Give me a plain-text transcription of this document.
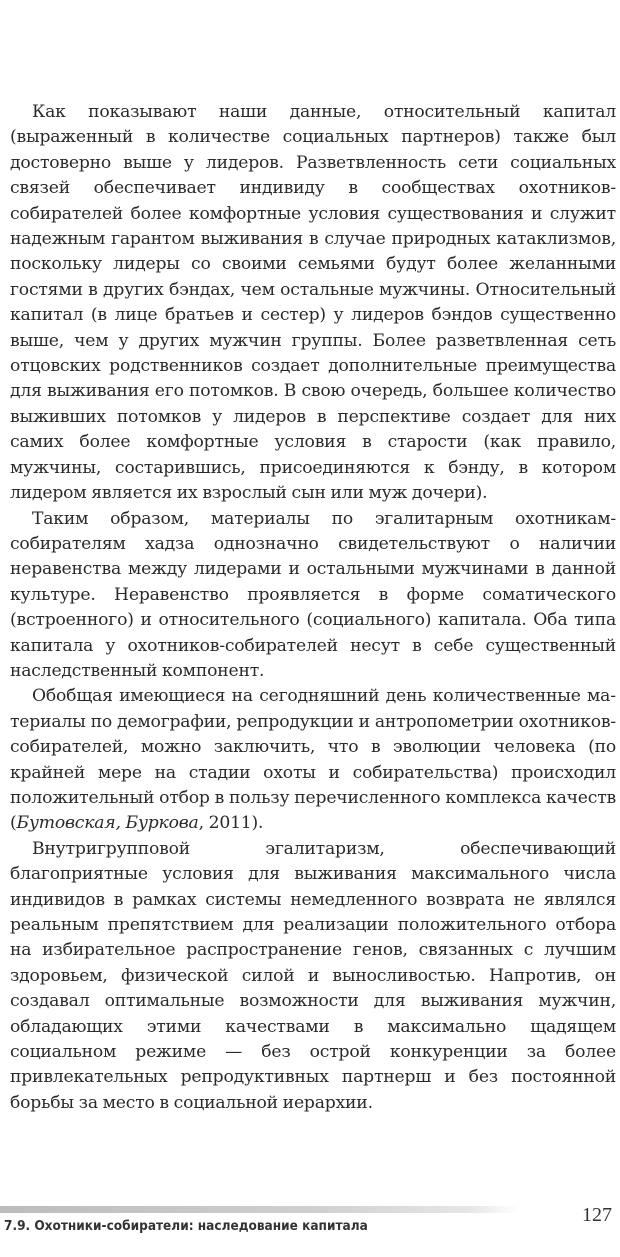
Как показывают наши данные, относительный капитал (выраженный в количестве социальных партнеров) также был достоверно выше у лидеров. Разветвленность сети социальных связей обеспечивает индивиду в сообществах охотников-собирателей более комфортные условия существования и служит надежным гарантом выживания в случае природных катаклизмов, поскольку лидеры со своими семьями будут более желанными гостями в других бэндах, чем остальные мужчины. Относительный капитал (в лице братьев и сестер) у лидеров бэндов существенно выше, чем у других мужчин группы. Более разветвленная сеть отцовских родственников создает дополнительные преимущества для выживания его потомков. В свою очередь, большее количество выживших потомков у лидеров в перспективе создает для них самих более комфортные условия в старости (как правило, мужчины, состарившись, присоединяются к бэнду, в котором лидером является их взрослый сын или муж дочери).

Таким образом, материалы по эгалитарным охотникам-собирателям хадза однозначно свидетельствуют о наличии неравенства между лидерами и остальными мужчинами в данной культуре. Неравенство проявляется в форме соматического (встроенного) и относительного (социального) капитала. Оба типа капитала у охотников-собирателей несут в себе существенный наследственный компонент.

Обобщая имеющиеся на сегодняшний день количественные материалы по демографии, репродукции и антропометрии охотников-собирателей, можно заключить, что в эволюции человека (по крайней мере на стадии охоты и собирательства) происходил положительный отбор в пользу перечисленного комплекса качеств (Бутовская, Буркова, 2011).

Внутригрупповой эгалитаризм, обеспечивающий благоприятные условия для выживания максимального числа индивидов в рамках системы немедленного возврата не являлся реальным препятствием для реализации положительного отбора на избирательное распространение генов, связанных с лучшим здоровьем, физической силой и выносливостью. Напротив, он создавал оптимальные возможности для выживания мужчин, обладающих этими качествами в максимально щадящем социальном режиме — без острой конкуренции за более привлекательных репродуктивных партнерш и без постоянной борьбы за место в социальной иерархии.

7.9. Охотники-собиратели: наследование капитала	127
